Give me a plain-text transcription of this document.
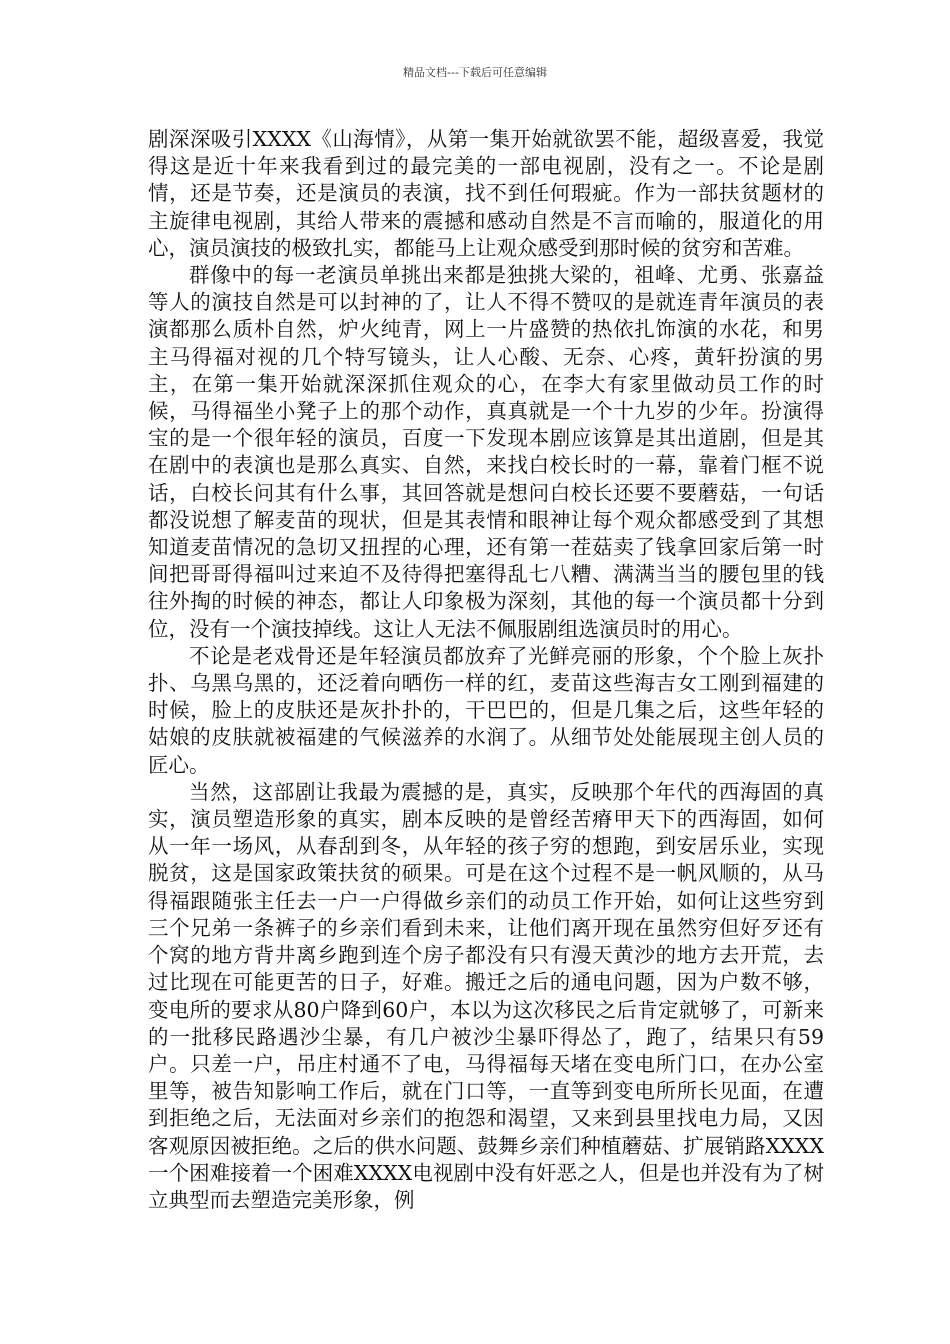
精品文档---下载后可任意编辑

剧深深吸引XXXX《山海情》，从第一集开始就欲罢不能，超级喜爱，我觉得这是近十年来我看到过的最完美的一部电视剧，没有之一。不论是剧情，还是节奏，还是演员的表演，找不到任何瑕疵。作为一部扶贫题材的主旋律电视剧，其给人带来的震撼和感动自然是不言而喻的，服道化的用心，演员演技的极致扎实，都能马上让观众感受到那时候的贫穷和苦难。

群像中的每一老演员单挑出来都是独挑大梁的，祖峰、尤勇、张嘉益等人的演技自然是可以封神的了，让人不得不赞叹的是就连青年演员的表演都那么质朴自然，炉火纯青，网上一片盛赞的热依扎饰演的水花，和男主马得福对视的几个特写镜头，让人心酸、无奈、心疼，黄轩扮演的男主，在第一集开始就深深抓住观众的心，在李大有家里做动员工作的时候，马得福坐小凳子上的那个动作，真真就是一个十九岁的少年。扮演得宝的是一个很年轻的演员，百度一下发现本剧应该算是其出道剧，但是其在剧中的表演也是那么真实、自然，来找白校长时的一幕，靠着门框不说话，白校长问其有什么事，其回答就是想问白校长还要不要蘑菇，一句话都没说想了解麦苗的现状，但是其表情和眼神让每个观众都感受到了其想知道麦苗情况的急切又扭捏的心理，还有第一茬菇卖了钱拿回家后第一时间把哥哥得福叫过来迫不及待得把塞得乱七八糟、满满当当的腰包里的钱往外掏的时候的神态，都让人印象极为深刻，其他的每一个演员都十分到位，没有一个演技掉线。这让人无法不佩服剧组选演员时的用心。

不论是老戏骨还是年轻演员都放弃了光鲜亮丽的形象，个个脸上灰扑扑、乌黑乌黑的，还泛着向晒伤一样的红，麦苗这些海吉女工刚到福建的时候，脸上的皮肤还是灰扑扑的，干巴巴的，但是几集之后，这些年轻的姑娘的皮肤就被福建的气候滋养的水润了。从细节处处能展现主创人员的匠心。

当然，这部剧让我最为震撼的是，真实，反映那个年代的西海固的真实，演员塑造形象的真实，剧本反映的是曾经苦瘠甲天下的西海固，如何从一年一场风，从春刮到冬，从年轻的孩子穷的想跑，到安居乐业，实现脱贫，这是国家政策扶贫的硕果。可是在这个过程不是一帆风顺的，从马得福跟随张主任去一户一户得做乡亲们的动员工作开始，如何让这些穷到三个兄弟一条裤子的乡亲们看到未来，让他们离开现在虽然穷但好歹还有个窝的地方背井离乡跑到连个房子都没有只有漫天黄沙的地方去开荒，去过比现在可能更苦的日子，好难。搬迁之后的通电问题，因为户数不够，变电所的要求从80户降到60户，本以为这次移民之后肯定就够了，可新来的一批移民路遇沙尘暴，有几户被沙尘暴吓得怂了，跑了，结果只有59户。只差一户，吊庄村通不了电，马得福每天堵在变电所门口，在办公室里等，被告知影响工作后，就在门口等，一直等到变电所所长见面，在遭到拒绝之后，无法面对乡亲们的抱怨和渴望，又来到县里找电力局，又因客观原因被拒绝。之后的供水问题、鼓舞乡亲们种植蘑菇、扩展销路XXXX一个困难接着一个困难XXXX电视剧中没有奸恶之人，但是也并没有为了树立典型而去塑造完美形象，例
